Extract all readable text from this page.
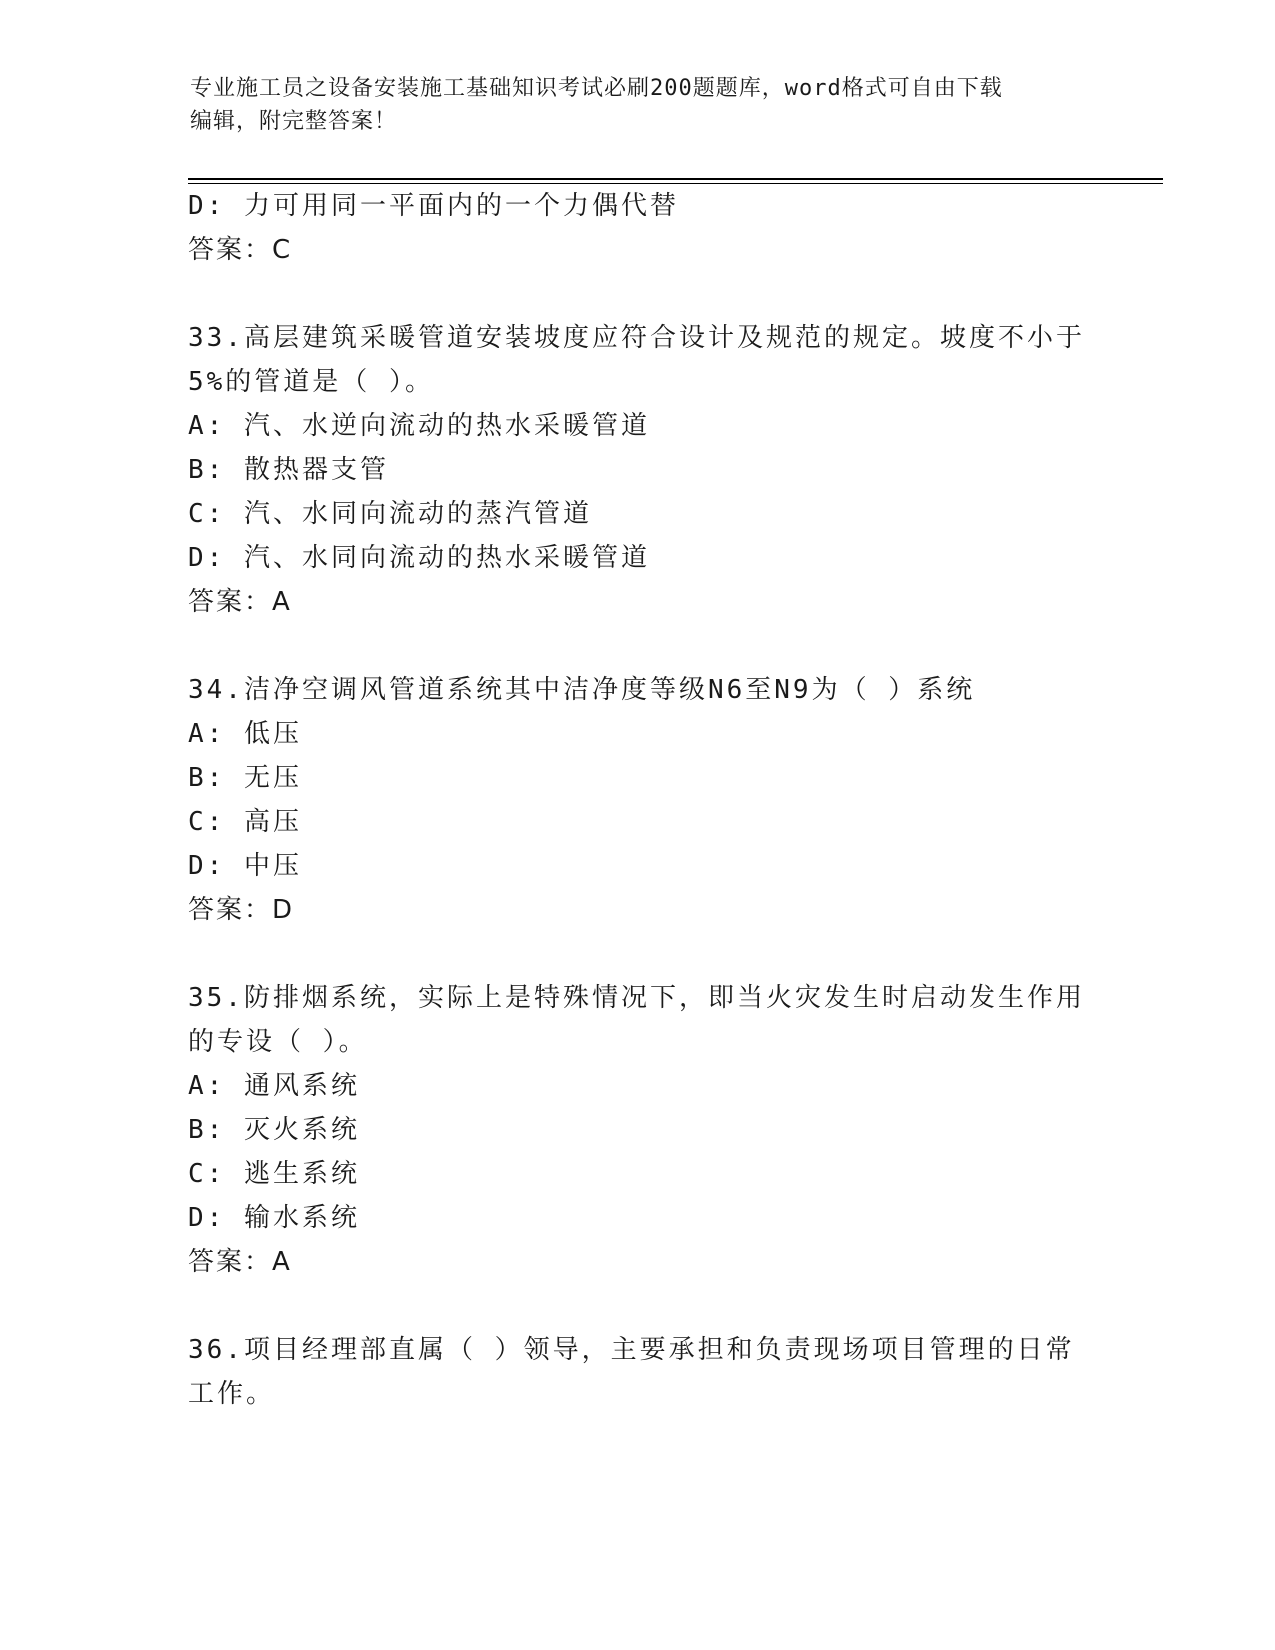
专业施工员之设备安装施工基础知识考试必刷200题题库，word格式可自由下载
编辑，附完整答案！
D: 力可用同一平面内的一个力偶代替
答案：C
33.高层建筑采暖管道安装坡度应符合设计及规范的规定。坡度不小于
5%的管道是（ ）。
A: 汽、水逆向流动的热水采暖管道
B: 散热器支管
C: 汽、水同向流动的蒸汽管道
D: 汽、水同向流动的热水采暖管道
答案：A
34.洁净空调风管道系统其中洁净度等级N6至N9为（ ）系统
A: 低压
B: 无压
C: 高压
D: 中压
答案：D
35.防排烟系统，实际上是特殊情况下，即当火灾发生时启动发生作用
的专设（ ）。
A: 通风系统
B: 灭火系统
C: 逃生系统
D: 输水系统
答案：A
36.项目经理部直属（ ）领导，主要承担和负责现场项目管理的日常
工作。
